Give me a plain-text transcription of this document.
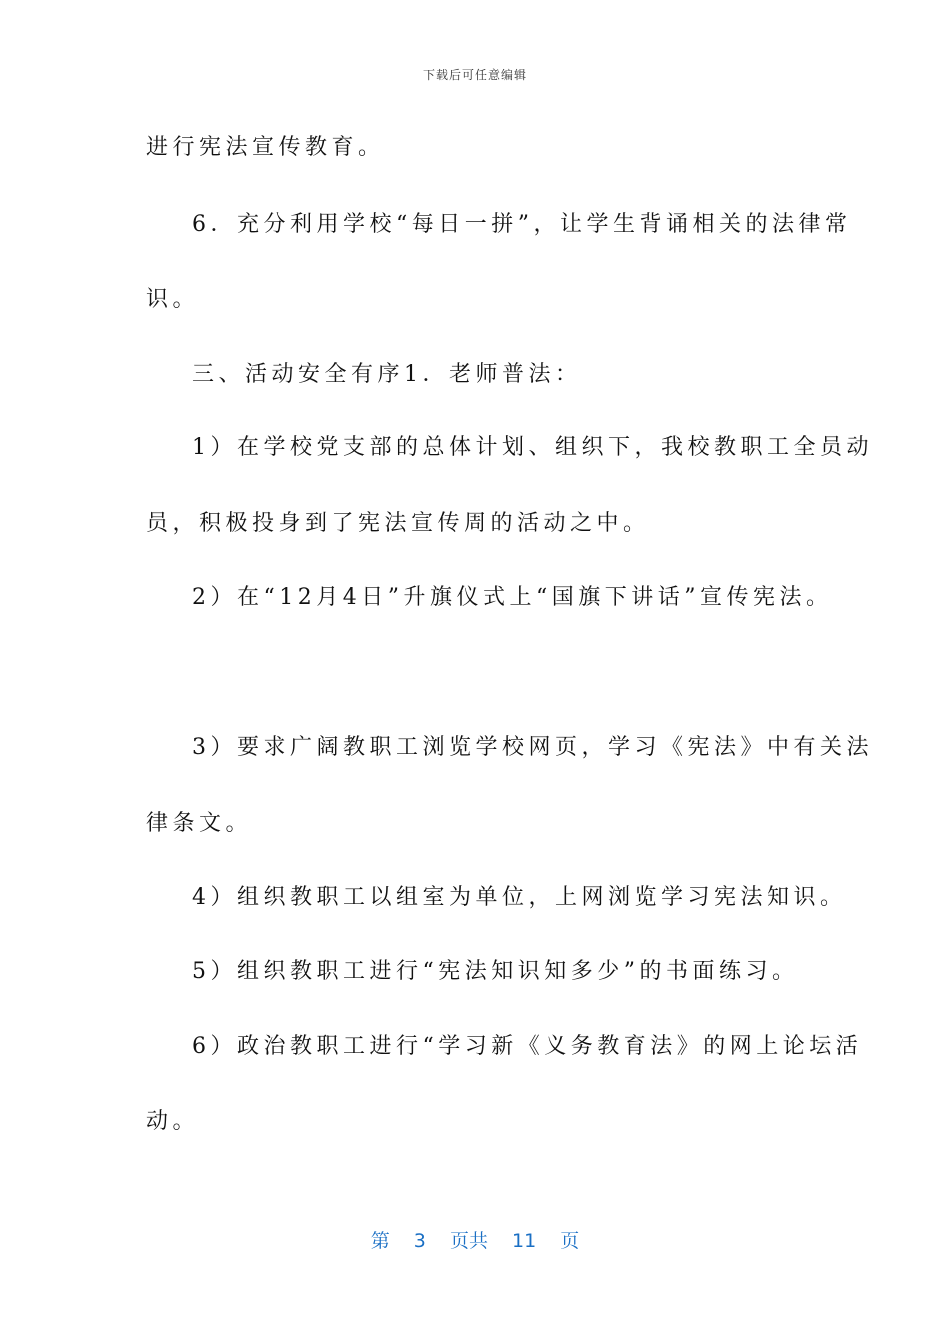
下载后可任意编辑
进行宪法宣传教育。
6．充分利用学校“每日一拼”，让学生背诵相关的法律常
识。
三、活动安全有序1．老师普法：
1）在学校党支部的总体计划、组织下，我校教职工全员动
员，积极投身到了宪法宣传周的活动之中。
2）在“12月4日”升旗仪式上“国旗下讲话”宣传宪法。
3）要求广阔教职工浏览学校网页，学习《宪法》中有关法
律条文。
4）组织教职工以组室为单位，上网浏览学习宪法知识。
5）组织教职工进行“宪法知识知多少”的书面练习。
6）政治教职工进行“学习新《义务教育法》的网上论坛活
动。
第 3 页共 11 页
